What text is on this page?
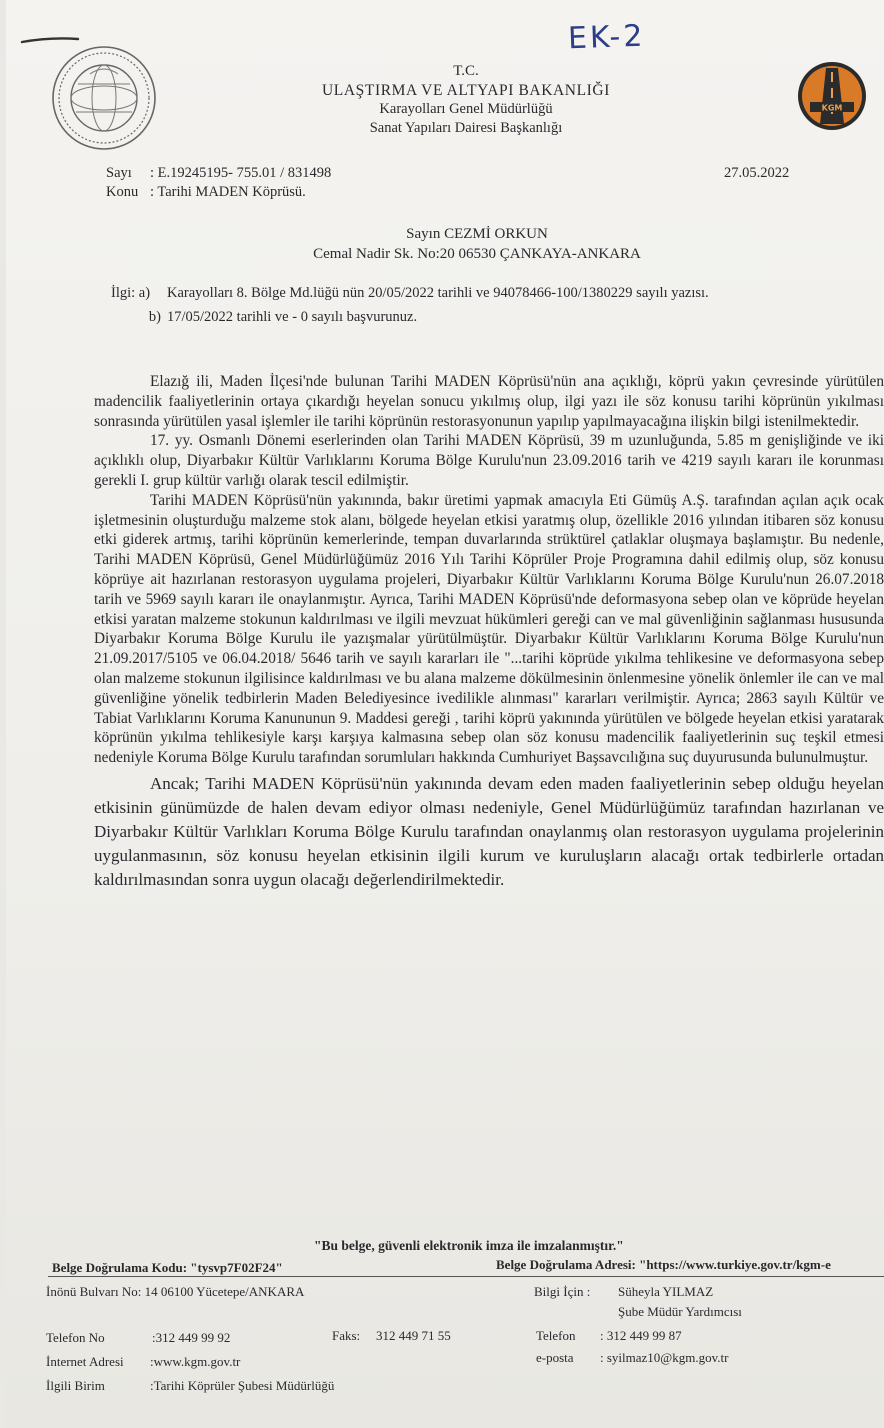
EK-2
KGM
T.C.
ULAŞTIRMA VE ALTYAPI BAKANLIĞI
Karayolları Genel Müdürlüğü
Sanat Yapıları Dairesi Başkanlığı
Sayı : E.19245195- 755.01 / 831498
Konu : Tarihi MADEN Köprüsü.
27.05.2022
Sayın CEZMİ ORKUN
Cemal Nadir Sk. No:20 06530 ÇANKAYA-ANKARA
İlgi: a)	Karayolları 8. Bölge Md.lüğü nün 20/05/2022 tarihli ve 94078466-100/1380229 sayılı yazısı.
b) 17/05/2022 tarihli ve - 0 sayılı başvurunuz.

Elazığ ili, Maden İlçesi'nde bulunan Tarihi MADEN Köprüsü'nün ana açıklığı, köprü yakın çevresinde yürütülen madencilik faaliyetlerinin ortaya çıkardığı heyelan sonucu yıkılmış olup, ilgi yazı ile söz konusu tarihi köprünün yıkılması sonrasında yürütülen yasal işlemler ile tarihi köprünün restorasyonunun yapılıp yapılmayacağına ilişkin bilgi istenilmektedir.

17. yy. Osmanlı Dönemi eserlerinden olan Tarihi MADEN Köprüsü, 39 m uzunluğunda, 5.85 m genişliğinde ve iki açıklıklı olup, Diyarbakır Kültür Varlıklarını Koruma Bölge Kurulu'nun 23.09.2016 tarih ve 4219 sayılı kararı ile korunması gerekli I. grup kültür varlığı olarak tescil edilmiştir.

Tarihi MADEN Köprüsü'nün yakınında, bakır üretimi yapmak amacıyla Eti Gümüş A.Ş. tarafından açılan açık ocak işletmesinin oluşturduğu malzeme stok alanı, bölgede heyelan etkisi yaratmış olup, özellikle 2016 yılından itibaren söz konusu etki giderek artmış, tarihi köprünün kemerlerinde, tempan duvarlarında strüktürel çatlaklar oluşmaya başlamıştır. Bu nedenle, Tarihi MADEN Köprüsü, Genel Müdürlüğümüz 2016 Yılı Tarihi Köprüler Proje Programına dahil edilmiş olup, söz konusu köprüye ait hazırlanan restorasyon uygulama projeleri, Diyarbakır Kültür Varlıklarını Koruma Bölge Kurulu'nun 26.07.2018 tarih ve 5969 sayılı kararı ile onaylanmıştır. Ayrıca, Tarihi MADEN Köprüsü'nde deformasyona sebep olan ve köprüde heyelan etkisi yaratan malzeme stokunun kaldırılması ve ilgili mevzuat hükümleri gereği can ve mal güvenliğinin sağlanması hususunda Diyarbakır Koruma Bölge Kurulu ile yazışmalar yürütülmüştür. Diyarbakır Kültür Varlıklarını Koruma Bölge Kurulu'nun 21.09.2017/5105 ve 06.04.2018/ 5646 tarih ve sayılı kararları ile "...tarihi köprüde yıkılma tehlikesine ve deformasyona sebep olan malzeme stokunun ilgilisince kaldırılması ve bu alana malzeme dökülmesinin önlenmesine yönelik önlemler ile can ve mal güvenliğine yönelik tedbirlerin Maden Belediyesince ivedilikle alınması" kararları verilmiştir. Ayrıca; 2863 sayılı Kültür ve Tabiat Varlıklarını Koruma Kanununun 9. Maddesi gereği , tarihi köprü yakınında yürütülen ve bölgede heyelan etkisi yaratarak köprünün yıkılma tehlikesiyle karşı karşıya kalmasına sebep olan söz konusu madencilik faaliyetlerinin suç teşkil etmesi nedeniyle Koruma Bölge Kurulu tarafından sorumluları hakkında Cumhuriyet Başsavcılığına suç duyurusunda bulunulmuştur.

Ancak; Tarihi MADEN Köprüsü'nün yakınında devam eden maden faaliyetlerinin sebep olduğu heyelan etkisinin günümüzde de halen devam ediyor olması nedeniyle, Genel Müdürlüğümüz tarafından hazırlanan ve Diyarbakır Kültür Varlıkları Koruma Bölge Kurulu tarafından onaylanmış olan restorasyon uygulama projelerinin uygulanmasının, söz konusu heyelan etkisinin ilgili kurum ve kuruluşların alacağı ortak tedbirlerle ortadan kaldırılmasından sonra uygun olacağı değerlendirilmektedir.

"Bu belge, güvenli elektronik imza ile imzalanmıştır."
Belge Doğrulama Kodu: "tysvp7F02F24"	Belge Doğrulama Adresi: "https://www.turkiye.gov.tr/kgm-e
İnönü Bulvarı No: 14 06100 Yücetepe/ANKARA	Bilgi İçin : Süheyla YILMAZ
Şube Müdür Yardımcısı
Telefon No	:312 449 99 92	Faks: 312 449 71 55	Telefon : 312 449 99 87
İnternet Adresi :www.kgm.gov.tr	e-posta : syilmaz10@kgm.gov.tr
İlgili Birim	:Tarihi Köprüler Şubesi Müdürlüğü
